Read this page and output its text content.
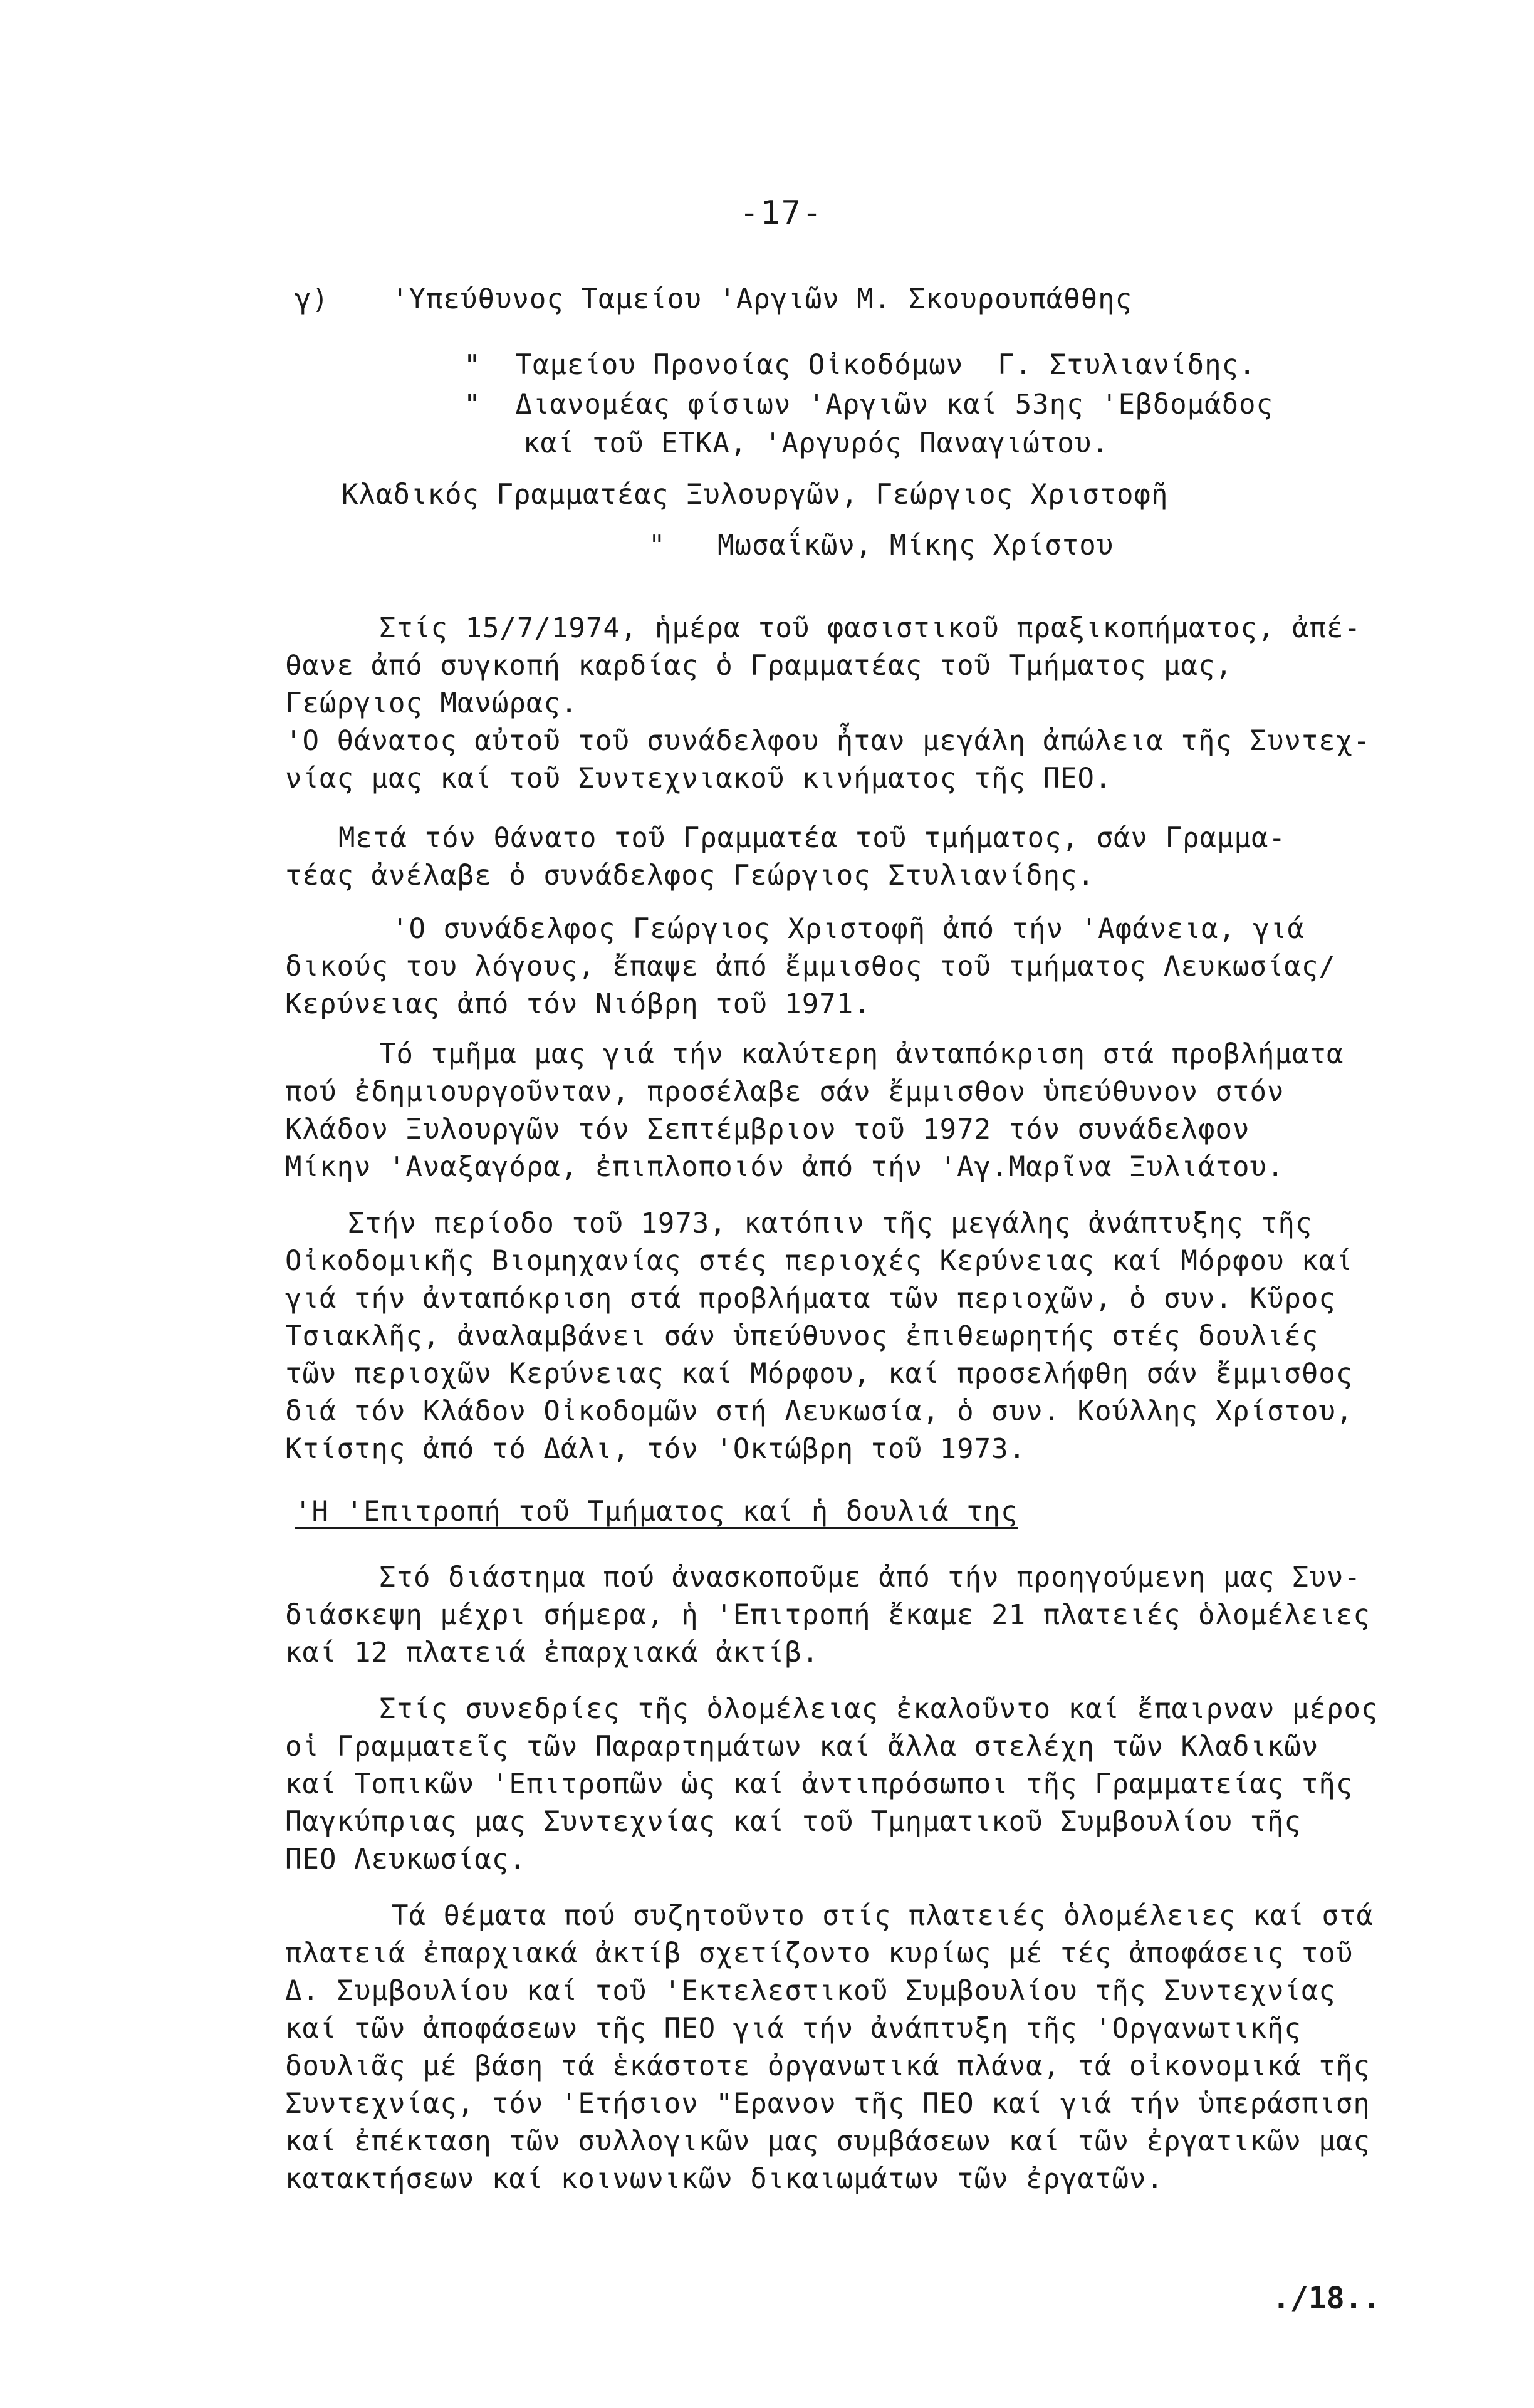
-17-
γ) 'Υπεύθυνος Ταμείου 'Αργιῶν Μ. Σκουρουπάθθης
"  Ταμείου Προνοίας Οἰκοδόμων  Γ. Στυλιανίδης.
"  Διανομέας φίσιων 'Αργιῶν καί 53ης 'Εβδομάδος
καί τοῦ ΕΤΚΑ, 'Αργυρός Παναγιώτου.
Κλαδικός Γραμματέας Ξυλουργῶν, Γεώργιος Χριστοφῆ
"   Μωσαΐκῶν, Μίκης Χρίστου
Στίς 15/7/1974, ἡμέρα τοῦ φασιστικοῦ πραξικοπήματος, ἀπέ-
θανε ἀπό συγκοπή καρδίας ὁ Γραμματέας τοῦ Τμήματος μας,
Γεώργιος Μανώρας.
'Ο θάνατος αὐτοῦ τοῦ συνάδελφου ἦταν μεγάλη ἀπώλεια τῆς Συντεχ-
νίας μας καί τοῦ Συντεχνιακοῦ κινήματος τῆς ΠΕΟ.
Μετά τόν θάνατο τοῦ Γραμματέα τοῦ τμήματος, σάν Γραμμα-
τέας ἀνέλαβε ὁ συνάδελφος Γεώργιος Στυλιανίδης.
'Ο συνάδελφος Γεώργιος Χριστοφῆ ἀπό τήν 'Αφάνεια, γιά
δικούς του λόγους, ἔπαψε ἀπό ἔμμισθος τοῦ τμήματος Λευκωσίας/
Κερύνειας ἀπό τόν Νιόβρη τοῦ 1971.
Τό τμῆμα μας γιά τήν καλύτερη ἀνταπόκριση στά προβλήματα
πού ἐδημιουργοῦνταν, προσέλαβε σάν ἔμμισθον ὑπεύθυνον στόν
Κλάδον Ξυλουργῶν τόν Σεπτέμβριον τοῦ 1972 τόν συνάδελφον
Μίκην 'Αναξαγόρα, ἐπιπλοποιόν ἀπό τήν 'Αγ.Μαρῖνα Ξυλιάτου.
Στήν περίοδο τοῦ 1973, κατόπιν τῆς μεγάλης ἀνάπτυξης τῆς
Οἰκοδομικῆς Βιομηχανίας στές περιοχές Κερύνειας καί Μόρφου καί
γιά τήν ἀνταπόκριση στά προβλήματα τῶν περιοχῶν, ὁ συν. Κῦρος
Τσιακλῆς, ἀναλαμβάνει σάν ὑπεύθυνος ἐπιθεωρητής στές δουλιές
τῶν περιοχῶν Κερύνειας καί Μόρφου, καί προσελήφθη σάν ἔμμισθος
διά τόν Κλάδον Οἰκοδομῶν στή Λευκωσία, ὁ συν. Κούλλης Χρίστου,
Κτίστης ἀπό τό Δάλι, τόν 'Οκτώβρη τοῦ 1973.
'Η 'Επιτροπή τοῦ Τμήματος καί ἡ δουλιά της
Στό διάστημα πού ἀνασκοποῦμε ἀπό τήν προηγούμενη μας Συν-
διάσκεψη μέχρι σήμερα, ἡ 'Επιτροπή ἔκαμε 21 πλατειές ὁλομέλειες
καί 12 πλατειά ἐπαρχιακά ἀκτίβ.
Στίς συνεδρίες τῆς ὁλομέλειας ἐκαλοῦντο καί ἔπαιρναν μέρος
οἱ Γραμματεῖς τῶν Παραρτημάτων καί ἄλλα στελέχη τῶν Κλαδικῶν
καί Τοπικῶν 'Επιτροπῶν ὡς καί ἀντιπρόσωποι τῆς Γραμματείας τῆς
Παγκύπριας μας Συντεχνίας καί τοῦ Τμηματικοῦ Συμβουλίου τῆς
ΠΕΟ Λευκωσίας.
Τά θέματα πού συζητοῦντο στίς πλατειές ὁλομέλειες καί στά
πλατειά ἐπαρχιακά ἀκτίβ σχετίζοντο κυρίως μέ τές ἀποφάσεις τοῦ
Δ. Συμβουλίου καί τοῦ 'Εκτελεστικοῦ Συμβουλίου τῆς Συντεχνίας
καί τῶν ἀποφάσεων τῆς ΠΕΟ γιά τήν ἀνάπτυξη τῆς 'Οργανωτικῆς
δουλιᾶς μέ βάση τά ἑκάστοτε ὀργανωτικά πλάνα, τά οἰκονομικά τῆς
Συντεχνίας, τόν 'Ετήσιον "Ερανον τῆς ΠΕΟ καί γιά τήν ὑπεράσπιση
καί ἐπέκταση τῶν συλλογικῶν μας συμβάσεων καί τῶν ἐργατικῶν μας
κατακτήσεων καί κοινωνικῶν δικαιωμάτων τῶν ἐργατῶν.
./18..
